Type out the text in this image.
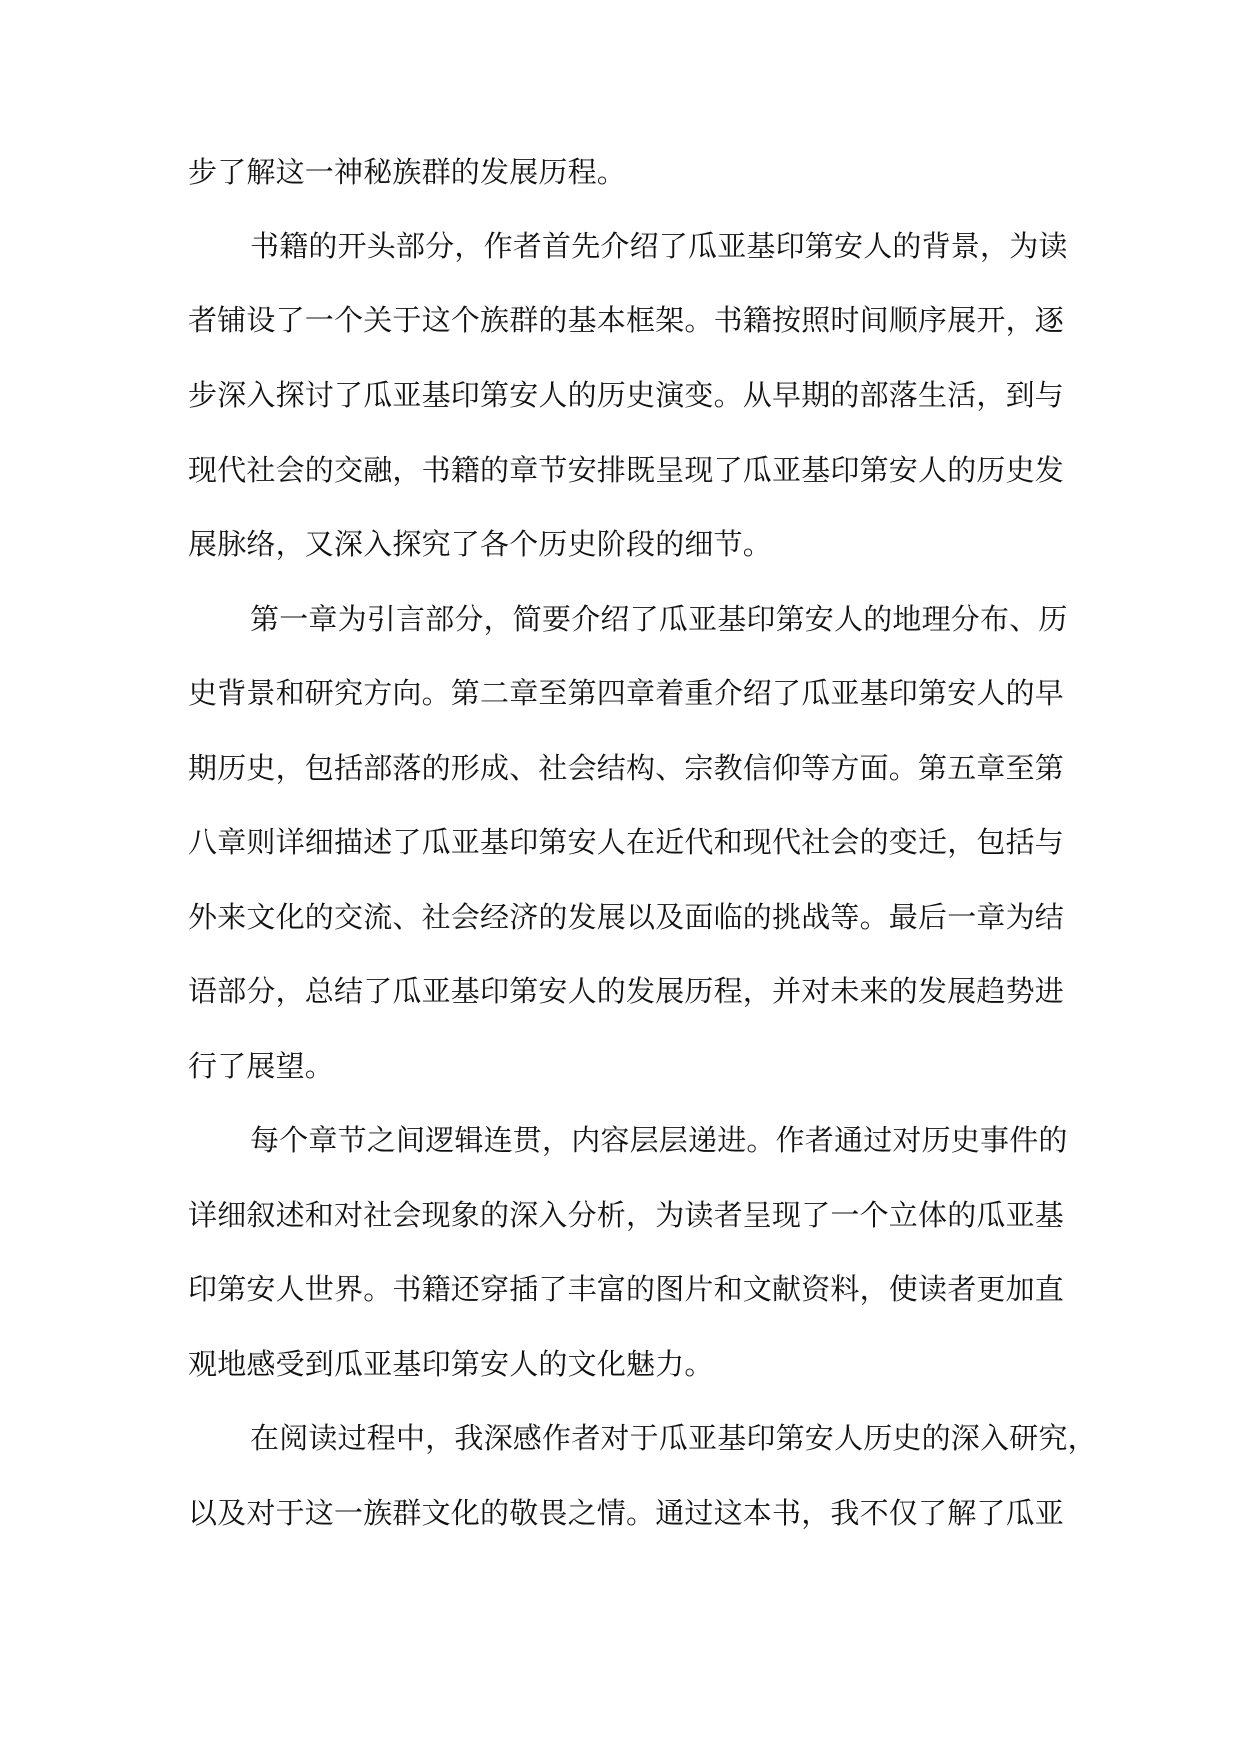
步了解这一神秘族群的发展历程。
书籍的开头部分，作者首先介绍了瓜亚基印第安人的背景，为读
者铺设了一个关于这个族群的基本框架。书籍按照时间顺序展开，逐
步深入探讨了瓜亚基印第安人的历史演变。从早期的部落生活，到与
现代社会的交融，书籍的章节安排既呈现了瓜亚基印第安人的历史发
展脉络，又深入探究了各个历史阶段的细节。
第一章为引言部分，简要介绍了瓜亚基印第安人的地理分布、历
史背景和研究方向。第二章至第四章着重介绍了瓜亚基印第安人的早
期历史，包括部落的形成、社会结构、宗教信仰等方面。第五章至第
八章则详细描述了瓜亚基印第安人在近代和现代社会的变迁，包括与
外来文化的交流、社会经济的发展以及面临的挑战等。最后一章为结
语部分，总结了瓜亚基印第安人的发展历程，并对未来的发展趋势进
行了展望。
每个章节之间逻辑连贯，内容层层递进。作者通过对历史事件的
详细叙述和对社会现象的深入分析，为读者呈现了一个立体的瓜亚基
印第安人世界。书籍还穿插了丰富的图片和文献资料，使读者更加直
观地感受到瓜亚基印第安人的文化魅力。
在阅读过程中，我深感作者对于瓜亚基印第安人历史的深入研究，
以及对于这一族群文化的敬畏之情。通过这本书，我不仅了解了瓜亚
